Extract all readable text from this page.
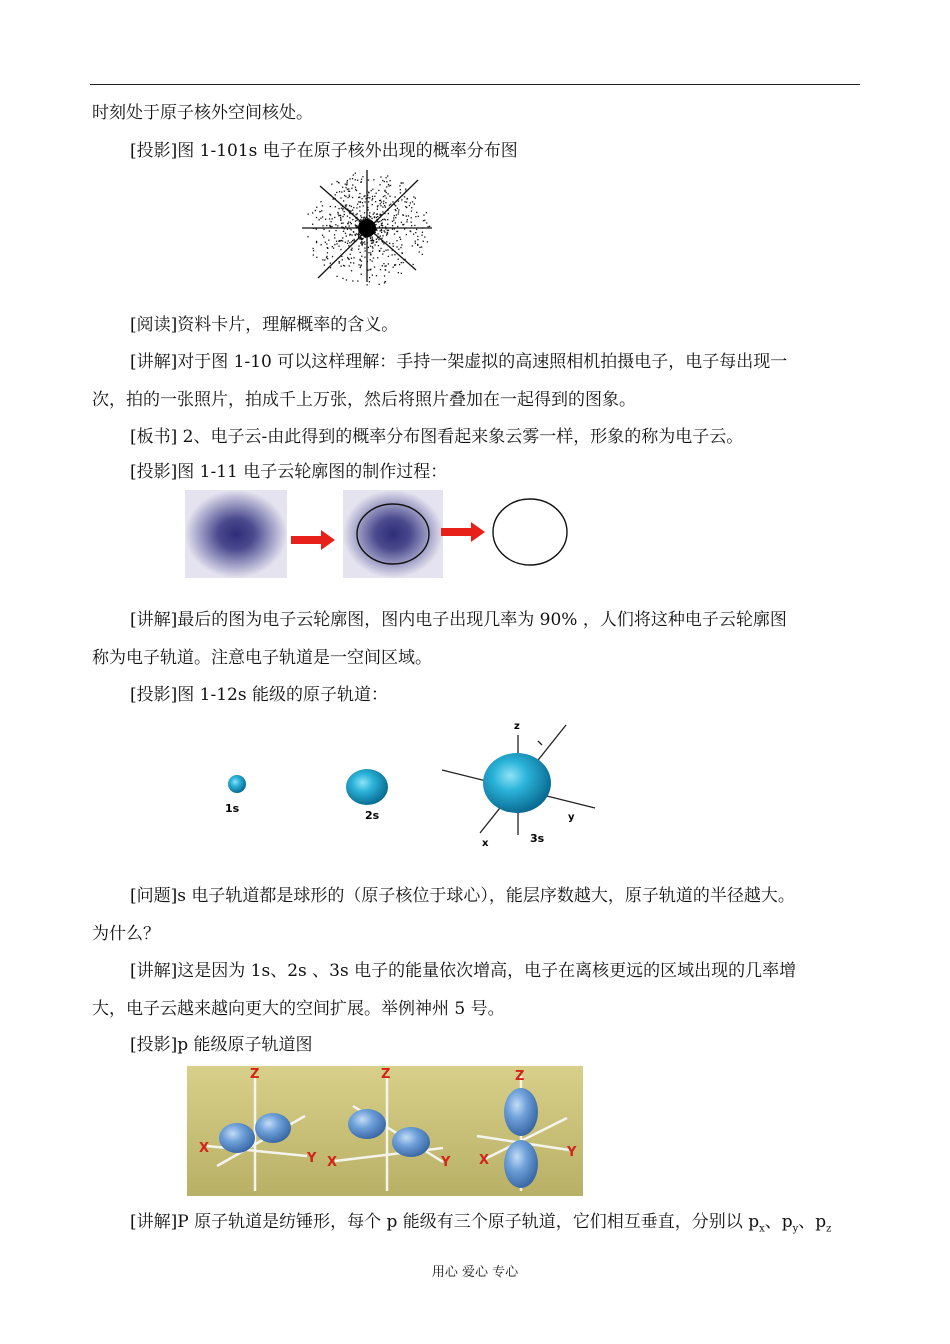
时刻处于原子核外空间核处。
[投影]图 1-101s 电子在原子核外出现的概率分布图
[阅读]资料卡片，理解概率的含义。
[讲解]对于图 1-10 可以这样理解：手持一架虚拟的高速照相机拍摄电子，电子每出现一
次，拍的一张照片，拍成千上万张，然后将照片叠加在一起得到的图象。
[板书] 2、电子云-由此得到的概率分布图看起来象云雾一样，形象的称为电子云。
[投影]图 1-11 电子云轮廓图的制作过程：
[讲解]最后的图为电子云轮廓图，图内电子出现几率为 90% ，人们将这种电子云轮廓图
称为电子轨道。注意电子轨道是一空间区域。
[投影]图 1-12s 能级的原子轨道：
1s
2s
z
y
x	3s
[问题]s 电子轨道都是球形的（原子核位于球心），能层序数越大，原子轨道的半径越大。
为什么？
[讲解]这是因为 1s、2s 、3s 电子的能量依次增高，电子在离核更远的区域出现的几率增
大，电子云越来越向更大的空间扩展。举例神州 5 号。
[投影]p 能级原子轨道图
Z
X
Y
Z
X	Y
Z
X
Y
[讲解]P 原子轨道是纺锤形，每个 p 能级有三个原子轨道，它们相互垂直，分别以 $p_x$、$p_y$、$p_z$
用心 爱心 专心
